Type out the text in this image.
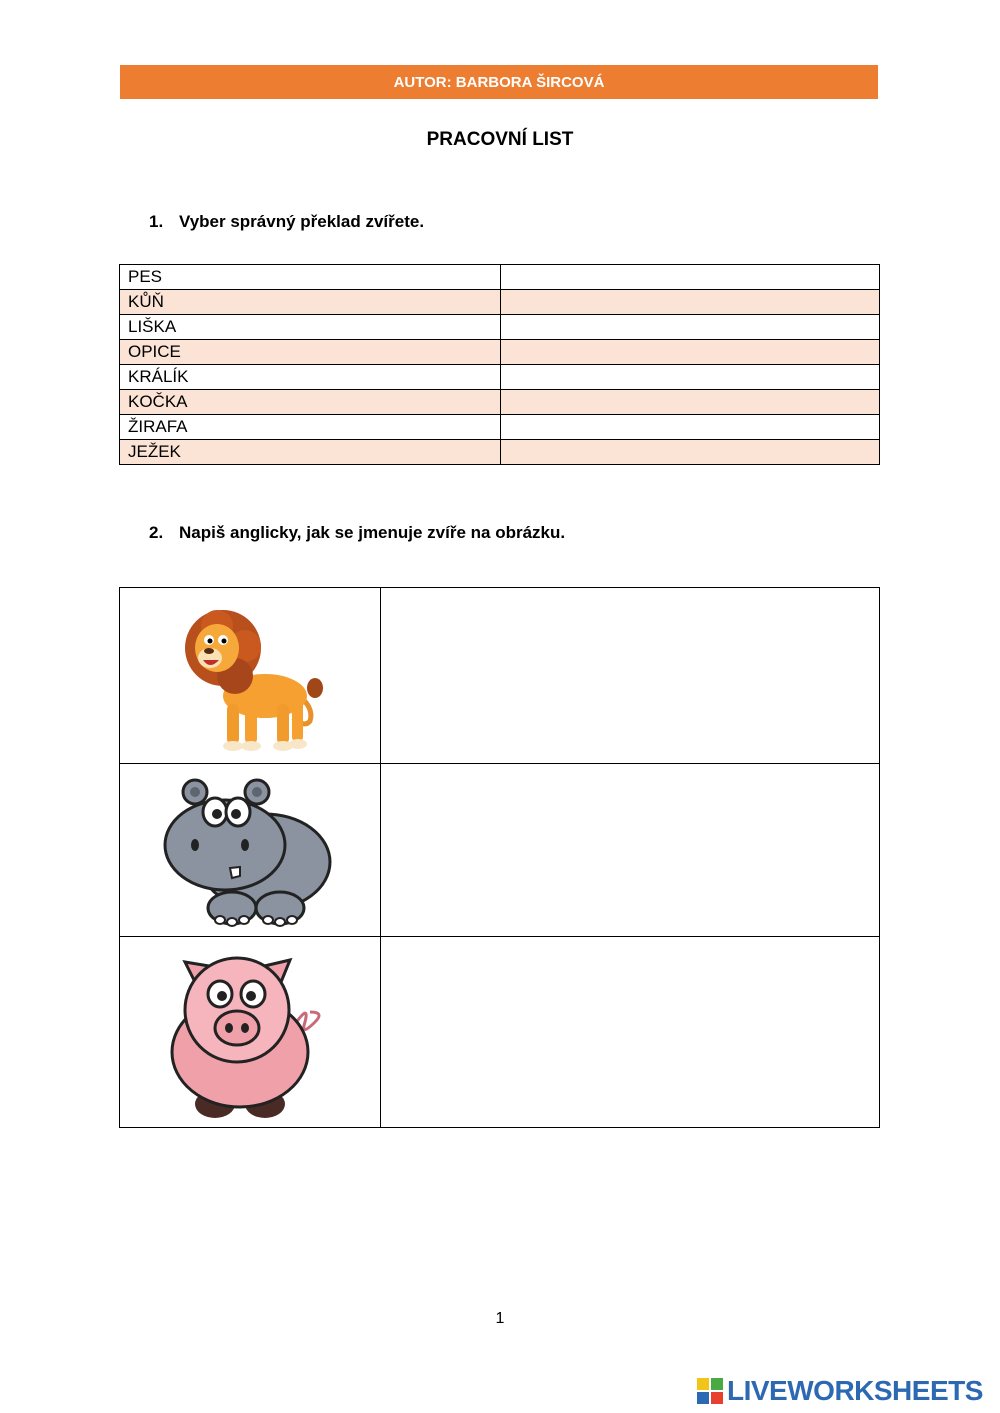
AUTOR: BARBORA ŠIRCOVÁ
PRACOVNÍ LIST
1. Vyber správný překlad zvířete.
PES	
KŮŇ	
LIŠKA	
OPICE	
KRÁLÍK	
KOČKA	
ŽIRAFA	
JEŽEK	
2. Napiš anglicky, jak se jmenuje zvíře na obrázku.

1
LIVEWORKSHEETS
